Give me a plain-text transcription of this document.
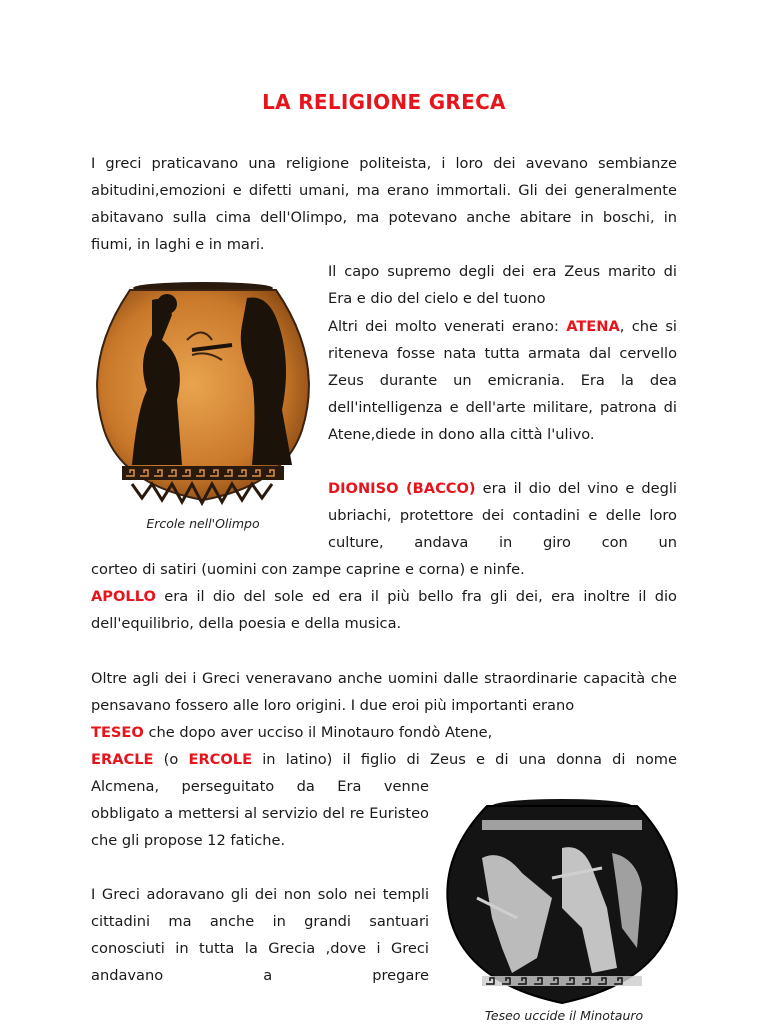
LA RELIGIONE GRECA

I greci praticavano una religione politeista, i loro dei avevano sembianze abitudini,emozioni e difetti umani, ma erano immortali. Gli dei generalmente abitavano sulla cima dell'Olimpo, ma potevano anche abitare in boschi, in fiumi, in laghi e in mari.

Ercole nell'Olimpo

Il capo supremo degli dei era Zeus marito di Era e dio del cielo e del tuono

Altri dei molto venerati erano: ATENA, che si riteneva fosse nata tutta armata dal cervello Zeus durante un emicrania. Era la dea dell'intelligenza e dell'arte militare, patrona di Atene,diede in dono alla città l'ulivo.

DIONISO (BACCO) era il dio del vino e degli ubriachi, protettore dei contadini e delle loro culture, andava in giro con un

corteo di satiri (uomini con zampe caprine e corna) e ninfe.

APOLLO era il dio del sole ed era il più bello fra gli dei, era inoltre il dio dell'equilibrio, della poesia e della musica.

Oltre agli dei i Greci veneravano anche uomini dalle straordinarie capacità che pensavano fossero alle loro origini. I due eroi più importanti erano

TESEO che dopo aver ucciso il Minotauro fondò Atene,

ERACLE (o ERCOLE in latino) il figlio di Zeus e di una donna di nome

Alcmena, perseguitato da Era venne obbligato a mettersi al servizio del re Euristeo che gli propose 12 fatiche.

I Greci adoravano gli dei non solo nei templi cittadini ma anche in grandi santuari conosciuti in tutta la Grecia ,dove i Greci andavano a pregare

Teseo uccide il Minotauro
